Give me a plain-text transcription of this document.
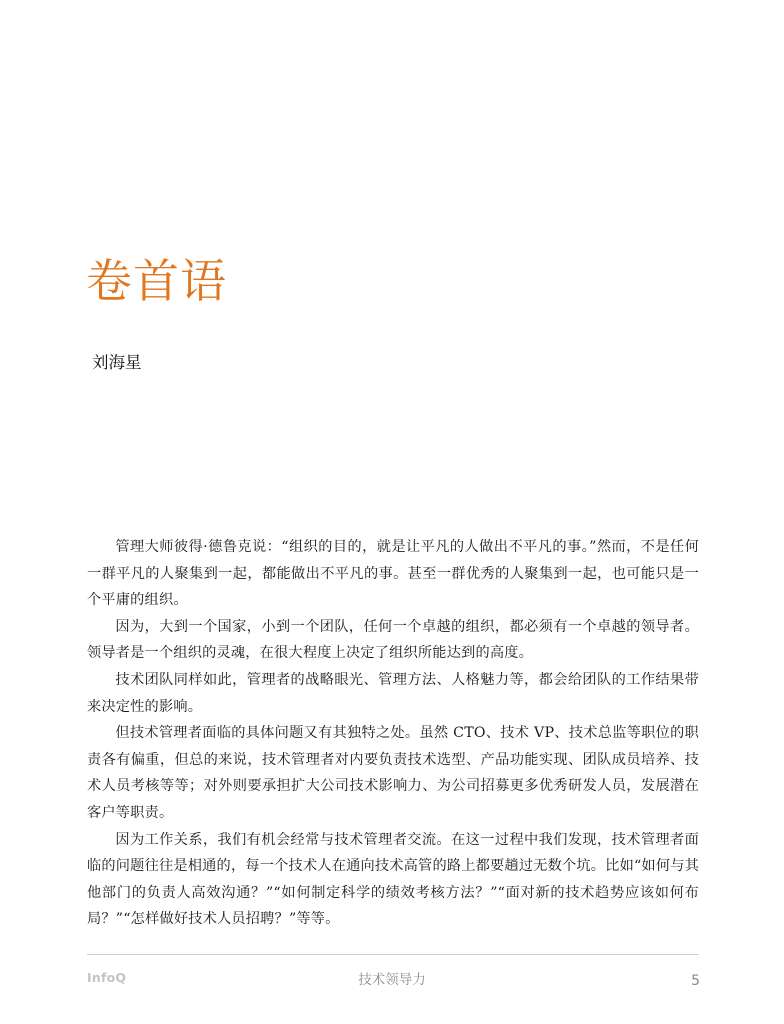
卷首语
刘海星

管理大师彼得·德鲁克说：“组织的目的，就是让平凡的人做出不平凡的事。”然而，不是任何一群平凡的人聚集到一起，都能做出不平凡的事。甚至一群优秀的人聚集到一起，也可能只是一个平庸的组织。

因为，大到一个国家，小到一个团队，任何一个卓越的组织，都必须有一个卓越的领导者。领导者是一个组织的灵魂，在很大程度上决定了组织所能达到的高度。

技术团队同样如此，管理者的战略眼光、管理方法、人格魅力等，都会给团队的工作结果带来决定性的影响。

但技术管理者面临的具体问题又有其独特之处。虽然 CTO、技术 VP、技术总监等职位的职责各有偏重，但总的来说，技术管理者对内要负责技术选型、产品功能实现、团队成员培养、技术人员考核等等；对外则要承担扩大公司技术影响力、为公司招募更多优秀研发人员，发展潜在客户等职责。

因为工作关系，我们有机会经常与技术管理者交流。在这一过程中我们发现，技术管理者面临的问题往往是相通的，每一个技术人在通向技术高管的路上都要趟过无数个坑。比如“如何与其他部门的负责人高效沟通？”“如何制定科学的绩效考核方法？”“面对新的技术趋势应该如何布局？”“怎样做好技术人员招聘？”等等。

InfoQ	技术领导力	5
